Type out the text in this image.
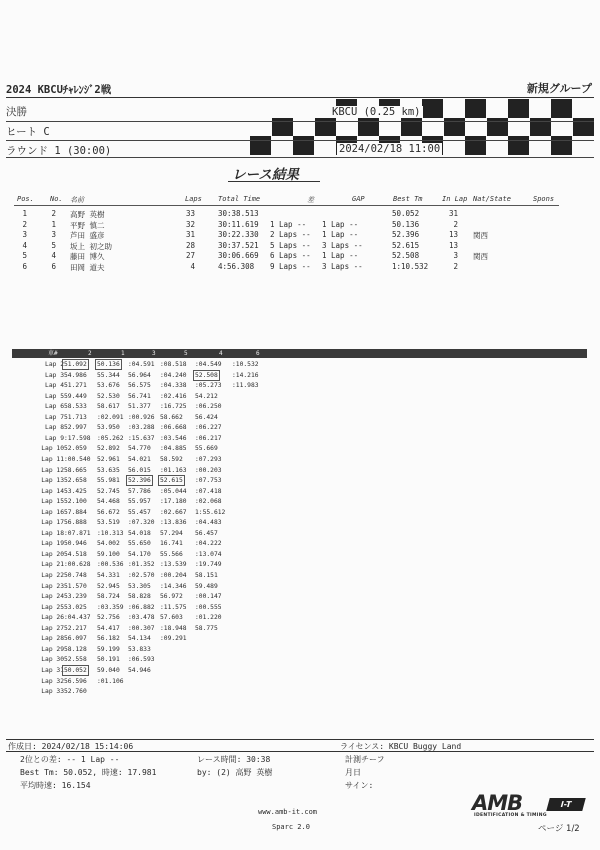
2024 KBCUﾁｬﾚﾝｼﾞ2戦	新規グループ
決勝
ヒート C
ラウンド 1 (30:00)
KBCU (0.25 km)
2024/02/18 11:00
レース結果
Pos. No. 名前	Laps Total Time	差	GAP	Best Tm	In Lap Nat/State	Spons
1	2 高野 英樹	33	30:38.513	50.052	31
2	1 平野 慎二	32	30:11.619 1 Lap -- 1 Lap --	50.136	2
3	3 芦田 盛彦	31	30:22.330 2 Laps -- 1 Lap --	52.396	13 関西
4	5 坂上 初之助	28	30:37.521 5 Laps -- 3 Laps --	52.615	13
5	4 藤田 博久	27	30:06.669 6 Laps -- 1 Lap --	52.508	3 関西
6	6 田岡 道夫	4	4:56.308 9 Laps -- 3 Laps --	1:10.532	2
車#	2	1	3	5	4	6
Lap 2 51.092 50.136 :04.591 :08.518 :04.549 :10.532
Lap 3 54.986 55.344 56.964 :04.240 52.508 :14.216
Lap 4 51.271 53.676 56.575 :04.338 :05.273 :11.983
Lap 5 59.449 52.530 56.741 :02.416 54.212
Lap 6 58.533 58.617 51.377 :16.725 :06.250
Lap 7 51.713 :02.091 :00.926 58.662 56.424
Lap 8 52.997 53.950 :03.288 :06.668 :06.227
Lap 9 :17.598 :05.262 :15.637 :03.546 :06.217
Lap 10 52.059 52.892 54.770 :04.885 55.669
Lap 11 :00.540 52.961 54.021 58.592 :07.293
Lap 12 58.665 53.635 56.015 :01.163 :00.203
Lap 13 52.658 55.981 52.396 52.615 :07.753
Lap 14 53.425 52.745 57.786 :05.044 :07.418
Lap 15 52.100 54.468 55.957 :17.180 :02.068
Lap 16 57.884 56.672 55.457 :02.667 1:55.612
Lap 17 56.888 53.519 :07.320 :13.836 :04.483
Lap 18 :07.871 :10.313 54.018 57.294 56.457
Lap 19 50.946 54.002 55.650 16.741 :04.222
Lap 20 54.518 59.100 54.170 55.566 :13.074
Lap 21 :00.628 :00.536 :01.352 :13.539 :19.749
Lap 22 50.748 54.331 :02.570 :00.204 58.151
Lap 23 51.570 52.945 53.305 :14.346 59.489
Lap 24 53.239 58.724 58.828 56.972 :00.147
Lap 25 53.025 :03.359 :06.882 :11.575 :00.555
Lap 26 :04.437 52.756 :03.478 57.603 :01.220
Lap 27 52.217 54.417 :00.307 :18.948 58.775
Lap 28 56.097 56.182 54.134 :09.291
Lap 29 58.128 59.199 53.833
Lap 30 52.558 50.191 :06.593
Lap 31 50.052 59.040 54.946
Lap 32 56.596 :01.106
Lap 33 52.760
作成日: 2024/02/18 15:14:06	ライセンス: KBCU Buggy Land
2位との差: -- 1 Lap --	レース時間: 30:38	計測チーフ
Best Tm: 50.052, 時速: 17.981	by: (2) 高野 英樹	月日
平均時速: 16.154	サイン:
www.amb-it.com
Sparc 2.0
AMB	I-T
IDENTIFICATION & TIMING
ページ 1/2
